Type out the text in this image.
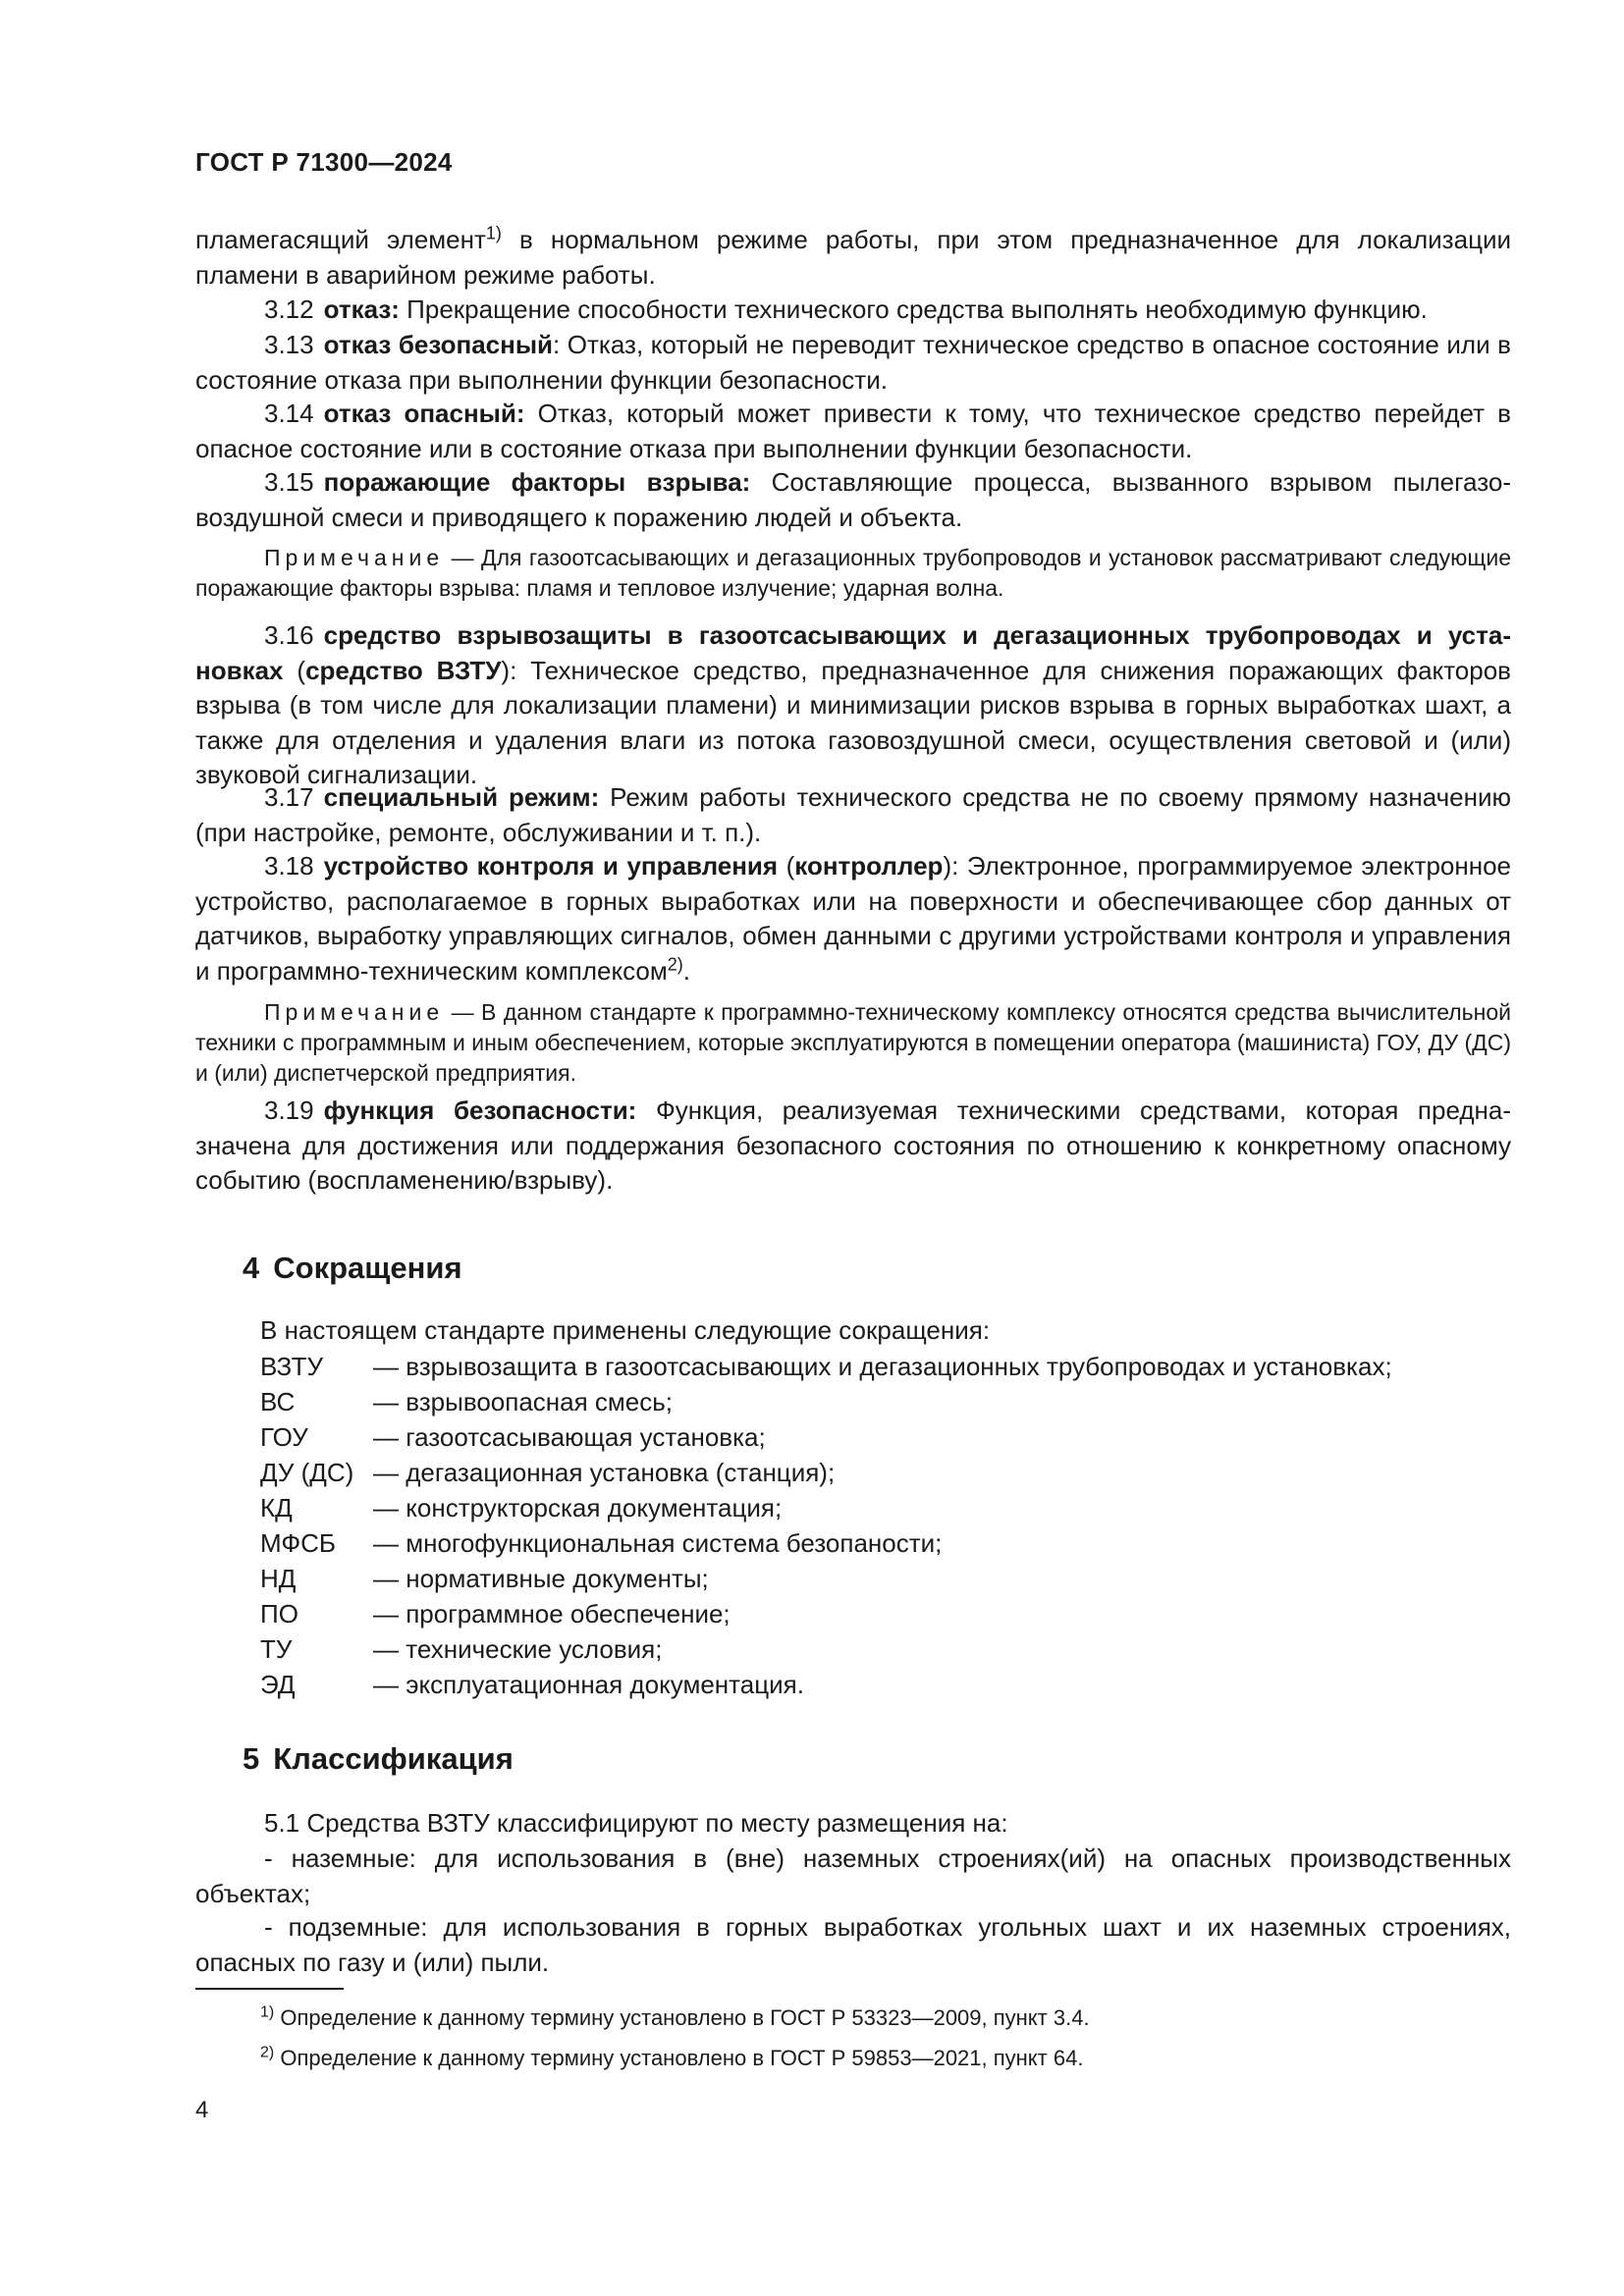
ГОСТ Р 71300—2024

пламегасящий элемент$^{1)}$ в нормальном режиме работы, при этом предназначенное для локализации пламени в аварийном режиме работы.

3.12 отказ: Прекращение способности технического средства выполнять необходимую функцию.

3.13 отказ безопасный: Отказ, который не переводит техническое средство в опасное состояние или в состояние отказа при выполнении функции безопасности.

3.14 отказ опасный: Отказ, который может привести к тому, что техническое средство перейдет в опасное состояние или в состояние отказа при выполнении функции безопасности.

3.15 поражающие факторы взрыва: Составляющие процесса, вызванного взрывом пылегазовоздушной смеси и приводящего к поражению людей и объекта.

Примечание — Для газоотсасывающих и дегазационных трубопроводов и установок рассматривают следующие поражающие факторы взрыва: пламя и тепловое излучение; ударная волна.

3.16 средство взрывозащиты в газоотсасывающих и дегазационных трубопроводах и установках (средство ВЗТУ): Техническое средство, предназначенное для снижения поражающих факторов взрыва (в том числе для локализации пламени) и минимизации рисков взрыва в горных выработках шахт, а также для отделения и удаления влаги из потока газовоздушной смеси, осуществления световой и (или) звуковой сигнализации.

3.17 специальный режим: Режим работы технического средства не по своему прямому назначению (при настройке, ремонте, обслуживании и т. п.).

3.18 устройство контроля и управления (контроллер): Электронное, программируемое электронное устройство, располагаемое в горных выработках или на поверхности и обеспечивающее сбор данных от датчиков, выработку управляющих сигналов, обмен данными с другими устройствами контроля и управления и программно-техническим комплексом$^{2)}$.

Примечание — В данном стандарте к программно-техническому комплексу относятся средства вычислительной техники с программным и иным обеспечением, которые эксплуатируются в помещении оператора (машиниста) ГОУ, ДУ (ДС) и (или) диспетчерской предприятия.

3.19 функция безопасности: Функция, реализуемая техническими средствами, которая предназначена для достижения или поддержания безопасного состояния по отношению к конкретному опасному событию (воспламенению/взрыву).

4 Сокращения
В настоящем стандарте применены следующие сокращения:
ВЗТУ — взрывозащита в газоотсасывающих и дегазационных трубопроводах и установках;
ВС	— взрывоопасная смесь;
ГОУ	— газоотсасывающая установка;
ДУ (ДС) — дегазационная установка (станция);
КД	— конструкторская документация;
МФСБ — многофункциональная система безопаности;
НД	— нормативные документы;
ПО	— программное обеспечение;
ТУ	— технические условия;
ЭД	— эксплуатационная документация.
5 Классификация

5.1 Средства ВЗТУ классифицируют по месту размещения на:

- наземные: для использования в (вне) наземных строениях(ий) на опасных производственных объектах;

- подземные: для использования в горных выработках угольных шахт и их наземных строениях, опасных по газу и (или) пыли.

$^{1)}$ Определение к данному термину установлено в ГОСТ Р 53323—2009, пункт 3.4.
$^{2)}$ Определение к данному термину установлено в ГОСТ Р 59853—2021, пункт 64.
4
